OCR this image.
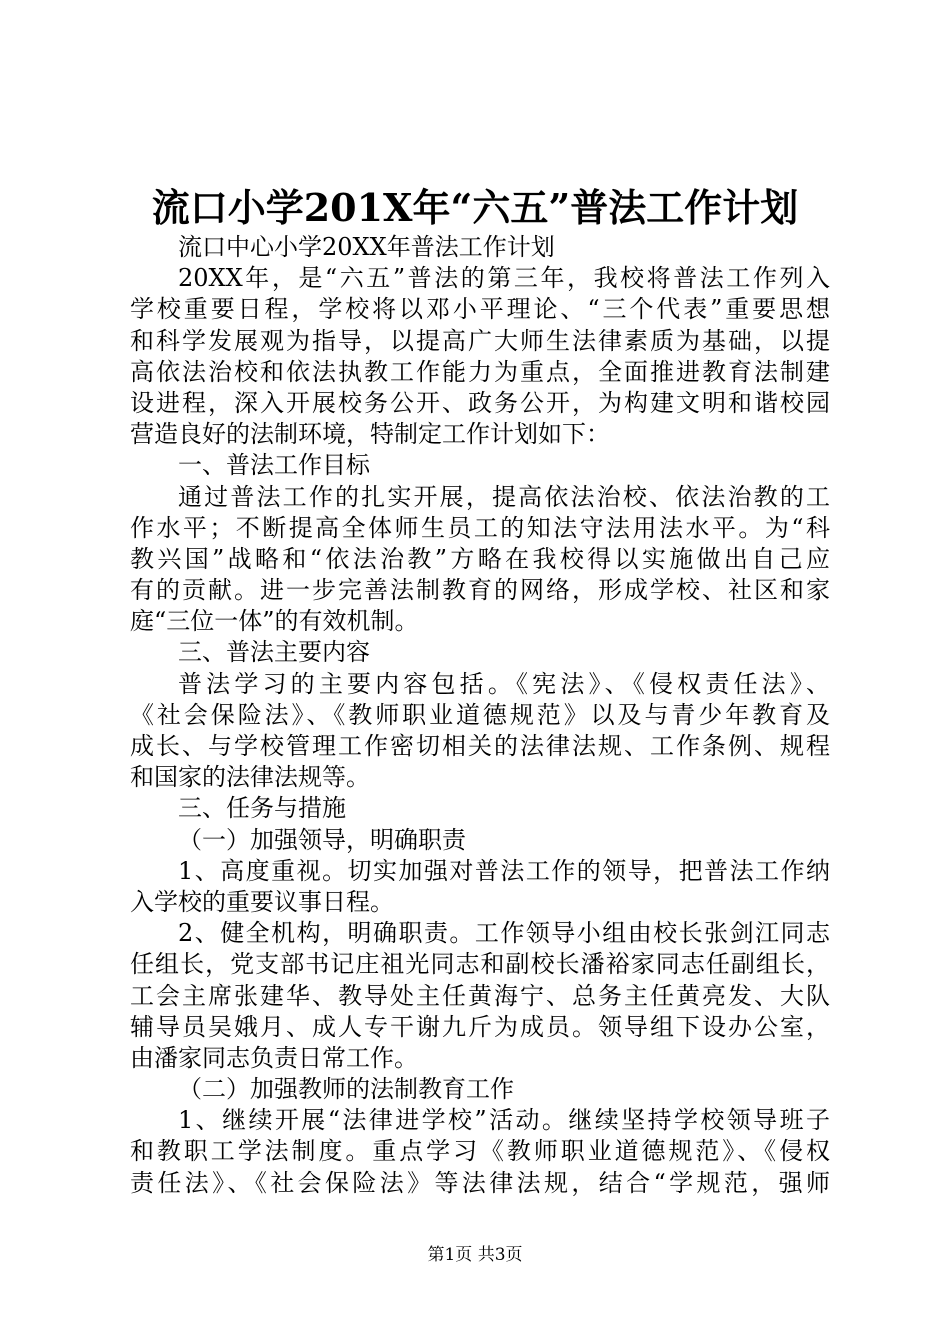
流口小学201X年“六五”普法工作计划
流口中心小学20XX年普法工作计划
20XX年，是“六五”普法的第三年，我校将普法工作列入
学校重要日程，学校将以邓小平理论、“三个代表”重要思想
和科学发展观为指导，以提高广大师生法律素质为基础，以提
高依法治校和依法执教工作能力为重点，全面推进教育法制建
设进程，深入开展校务公开、政务公开，为构建文明和谐校园
营造良好的法制环境，特制定工作计划如下：
一、普法工作目标
通过普法工作的扎实开展，提高依法治校、依法治教的工
作水平；不断提高全体师生员工的知法守法用法水平。为“科
教兴国”战略和“依法治教”方略在我校得以实施做出自己应
有的贡献。进一步完善法制教育的网络，形成学校、社区和家
庭“三位一体”的有效机制。
三、普法主要内容
普法学习的主要内容包括。《宪法》、《侵权责任法》、
《社会保险法》、《教师职业道德规范》以及与青少年教育及
成长、与学校管理工作密切相关的法律法规、工作条例、规程
和国家的法律法规等。
三、任务与措施
（一）加强领导，明确职责
1、高度重视。切实加强对普法工作的领导，把普法工作纳
入学校的重要议事日程。
2、健全机构，明确职责。工作领导小组由校长张剑江同志
任组长，党支部书记庄祖光同志和副校长潘裕家同志任副组长，
工会主席张建华、教导处主任黄海宁、总务主任黄亮发、大队
辅导员吴娥月、成人专干谢九斤为成员。领导组下设办公室，
由潘家同志负责日常工作。
（二）加强教师的法制教育工作
1、继续开展“法律进学校”活动。继续坚持学校领导班子
和教职工学法制度。重点学习《教师职业道德规范》、《侵权
责任法》、《社会保险法》等法律法规，结合“学规范，强师
第1页 共3页
